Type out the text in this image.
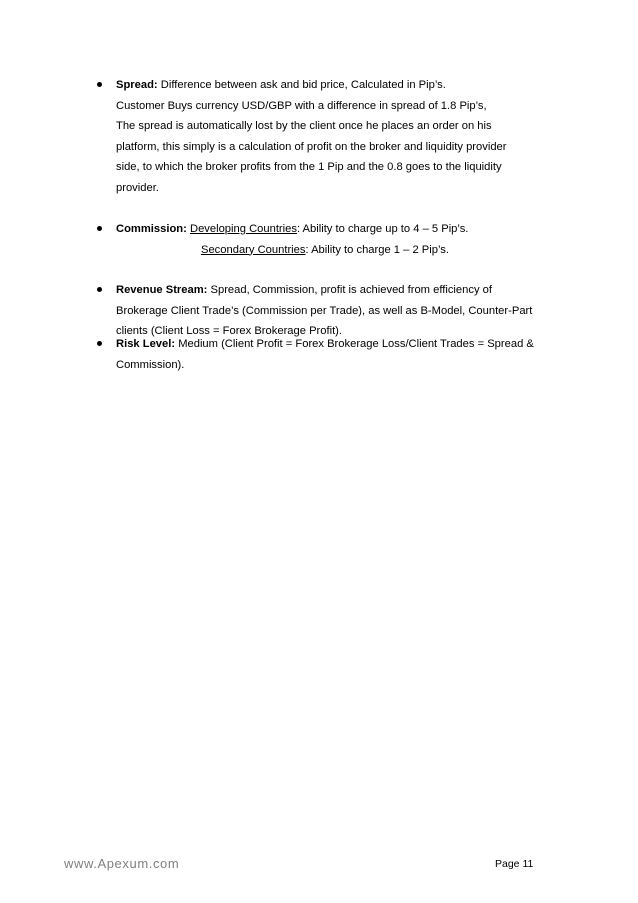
Spread: Difference between ask and bid price, Calculated in Pip’s.
Customer Buys currency USD/GBP with a difference in spread of 1.8 Pip’s,
The spread is automatically lost by the client once he places an order on his
platform, this simply is a calculation of profit on the broker and liquidity provider
side, to which the broker profits from the 1 Pip and the 0.8 goes to the liquidity
provider.
Commission: Developing Countries: Ability to charge up to 4 – 5 Pip’s.
Secondary Countries: Ability to charge 1 – 2 Pip’s.
Revenue Stream: Spread, Commission, profit is achieved from efficiency of
Brokerage Client Trade’s (Commission per Trade), as well as B-Model, Counter-Part
clients (Client Loss = Forex Brokerage Profit).
Risk Level: Medium (Client Profit = Forex Brokerage Loss/Client Trades = Spread &
Commission).
www.Apexum.com	Page 11
